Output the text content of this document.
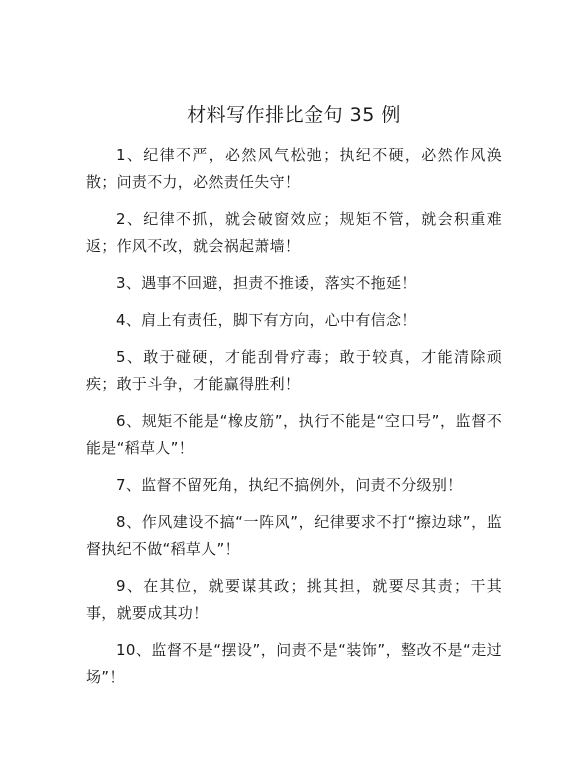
材料写作排比金句 35 例

1、纪律不严，必然风气松弛；执纪不硬，必然作风涣散；问责不力，必然责任失守！

2、纪律不抓，就会破窗效应；规矩不管，就会积重难返；作风不改，就会祸起萧墙！

3、遇事不回避，担责不推诿，落实不拖延！

4、肩上有责任，脚下有方向，心中有信念！

5、敢于碰硬，才能刮骨疗毒；敢于较真，才能清除顽疾；敢于斗争，才能赢得胜利！

6、规矩不能是“橡皮筋”，执行不能是“空口号”，监督不能是“稻草人”！

7、监督不留死角，执纪不搞例外，问责不分级别！

8、作风建设不搞“一阵风”，纪律要求不打“擦边球”，监督执纪不做“稻草人”！

9、在其位，就要谋其政；挑其担，就要尽其责；干其事，就要成其功！

10、监督不是“摆设”，问责不是“装饰”，整改不是“走过场”！
